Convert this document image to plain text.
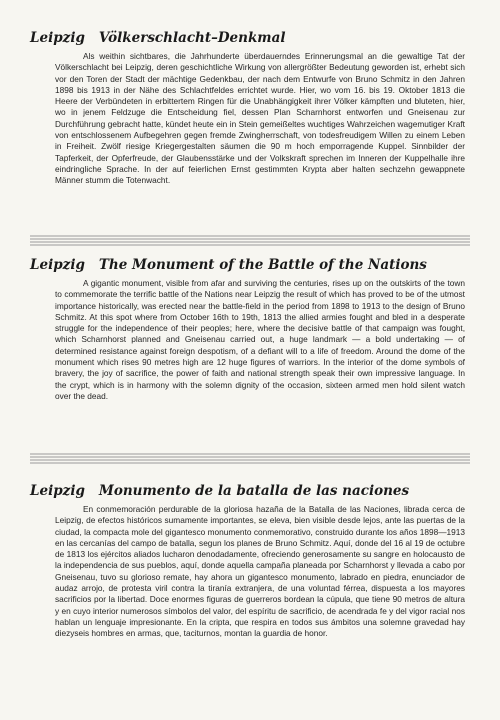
Leipzig Völkerschlacht–Denkmal

Als weithin sichtbares, die Jahrhunderte überdauerndes Erinnerungsmal an die gewaltige Tat der Völkerschlacht bei Leipzig, deren geschichtliche Wirkung von allergrößter Bedeutung geworden ist, erhebt sich vor den Toren der Stadt der mächtige Gedenkbau, der nach dem Entwurfe von Bruno Schmitz in den Jahren 1898 bis 1913 in der Nähe des Schlachtfeldes errichtet wurde. Hier, wo vom 16. bis 19. Oktober 1813 die Heere der Verbündeten in erbittertem Ringen für die Unabhängigkeit ihrer Völker kämpften und bluteten, hier, wo in jenem Feldzuge die Entscheidung fiel, dessen Plan Scharnhorst entworfen und Gneisenau zur Durchführung gebracht hatte, kündet heute ein in Stein gemeißeltes wuchtiges Wahrzeichen wagemutiger Kraft von entschlossenem Aufbegehren gegen fremde Zwingherrschaft, von todesfreudigem Willen zu einem Leben in Freiheit. Zwölf riesige Kriegergestalten säumen die 90 m hoch emporragende Kuppel. Sinnbilder der Tapferkeit, der Opferfreude, der Glaubensstärke und der Volkskraft sprechen im Inneren der Kuppelhalle ihre eindringliche Sprache. In der auf feierlichen Ernst gestimmten Krypta aber halten sechzehn gewappnete Männer stumm die Totenwacht.

Leipzig The Monument of the Battle of the Nations

A gigantic monument, visible from afar and surviving the centuries, rises up on the outskirts of the town to commemorate the terrific battle of the Nations near Leipzig the result of which has proved to be of the utmost importance historically, was erected near the battle-field in the period from 1898 to 1913 to the design of Bruno Schmitz. At this spot where from October 16th to 19th, 1813 the allied armies fought and bled in a desperate struggle for the independence of their peoples; here, where the decisive battle of that campaign was fought, which Scharnhorst planned and Gneisenau carried out, a huge landmark — a bold undertaking — of determined resistance against foreign despotism, of a defiant will to a life of freedom. Around the dome of the monument which rises 90 metres high are 12 huge figures of warriors. In the interior of the dome symbols of bravery, the joy of sacrifice, the power of faith and national strength speak their own impressive language. In the crypt, which is in harmony with the solemn dignity of the occasion, sixteen armed men hold silent watch over the dead.

Leipzig Monumento de la batalla de las naciones

En conmemoración perdurable de la gloriosa hazaña de la Batalla de las Naciones, librada cerca de Leipzig, de efectos históricos sumamente importantes, se eleva, bien visible desde lejos, ante las puertas de la ciudad, la compacta mole del gigantesco monumento conmemorativo, construido durante los años 1898—1913 en las cercanías del campo de batalla, segun los planes de Bruno Schmitz. Aquí, donde del 16 al 19 de octubre de 1813 los ejércitos aliados lucharon denodadamente, ofreciendo generosamente su sangre en holocausto de la independencia de sus pueblos, aquí, donde aquella campaña planeada por Scharnhorst y llevada a cabo por Gneisenau, tuvo su glorioso remate, hay ahora un gigantesco monumento, labrado en piedra, enunciador de audaz arrojo, de protesta viril contra la tiranía extranjera, de una voluntad férrea, dispuesta a los mayores sacrificios por la libertad. Doce enormes figuras de guerreros bordean la cúpula, que tiene 90 metros de altura y en cuyo interior numerosos símbolos del valor, del espíritu de sacrificio, de acendrada fe y del vigor racial nos hablan un lenguaje impresionante. En la cripta, que respira en todos sus ámbitos una solemne gravedad hay diezyseis hombres en armas, que, taciturnos, montan la guardia de honor.
